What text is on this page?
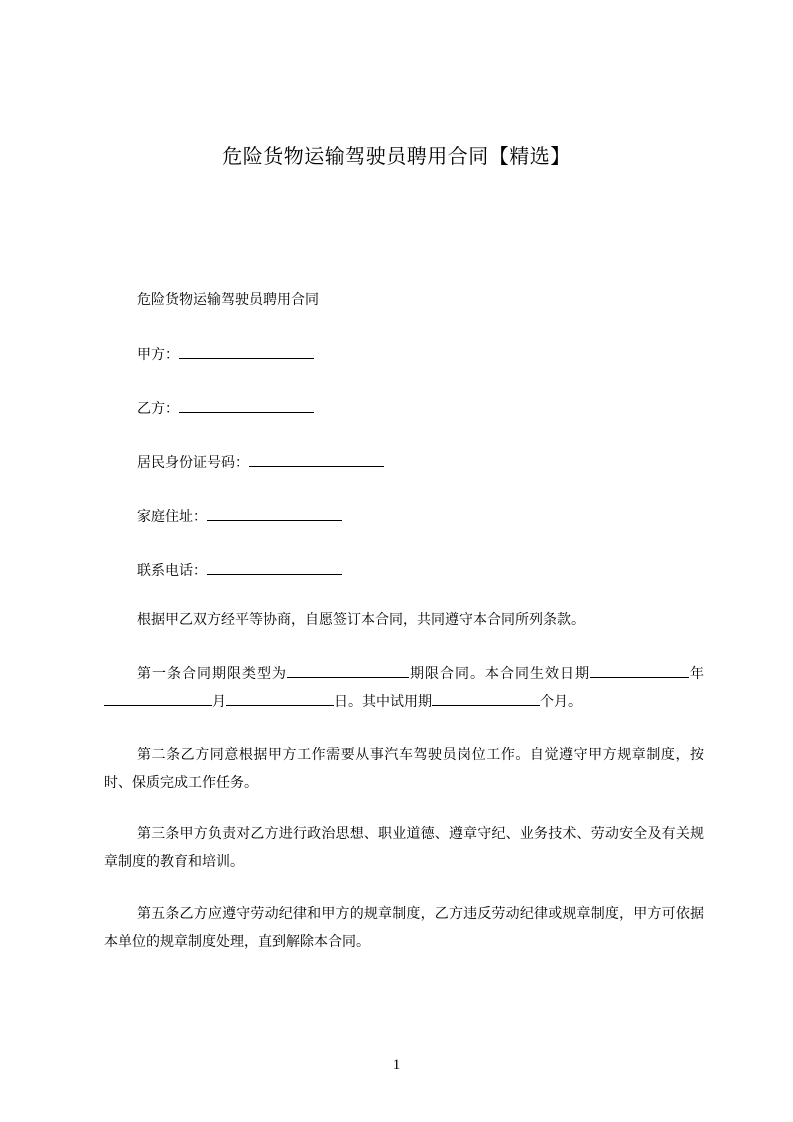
危险货物运输驾驶员聘用合同【精选】
危险货物运输驾驶员聘用合同
甲方：
乙方：
居民身份证号码：
家庭住址：
联系电话：
根据甲乙双方经平等协商，自愿签订本合同，共同遵守本合同所列条款。
第一条合同期限类型为	期限合同。本合同生效日期	年月	日。其中试用期	个月。
第二条乙方同意根据甲方工作需要从事汽车驾驶员岗位工作。自觉遵守甲方规章制度，按时、保质完成工作任务。
第三条甲方负责对乙方进行政治思想、职业道德、遵章守纪、业务技术、劳动安全及有关规章制度的教育和培训。
第五条乙方应遵守劳动纪律和甲方的规章制度，乙方违反劳动纪律或规章制度，甲方可依据本单位的规章制度处理，直到解除本合同。
1
